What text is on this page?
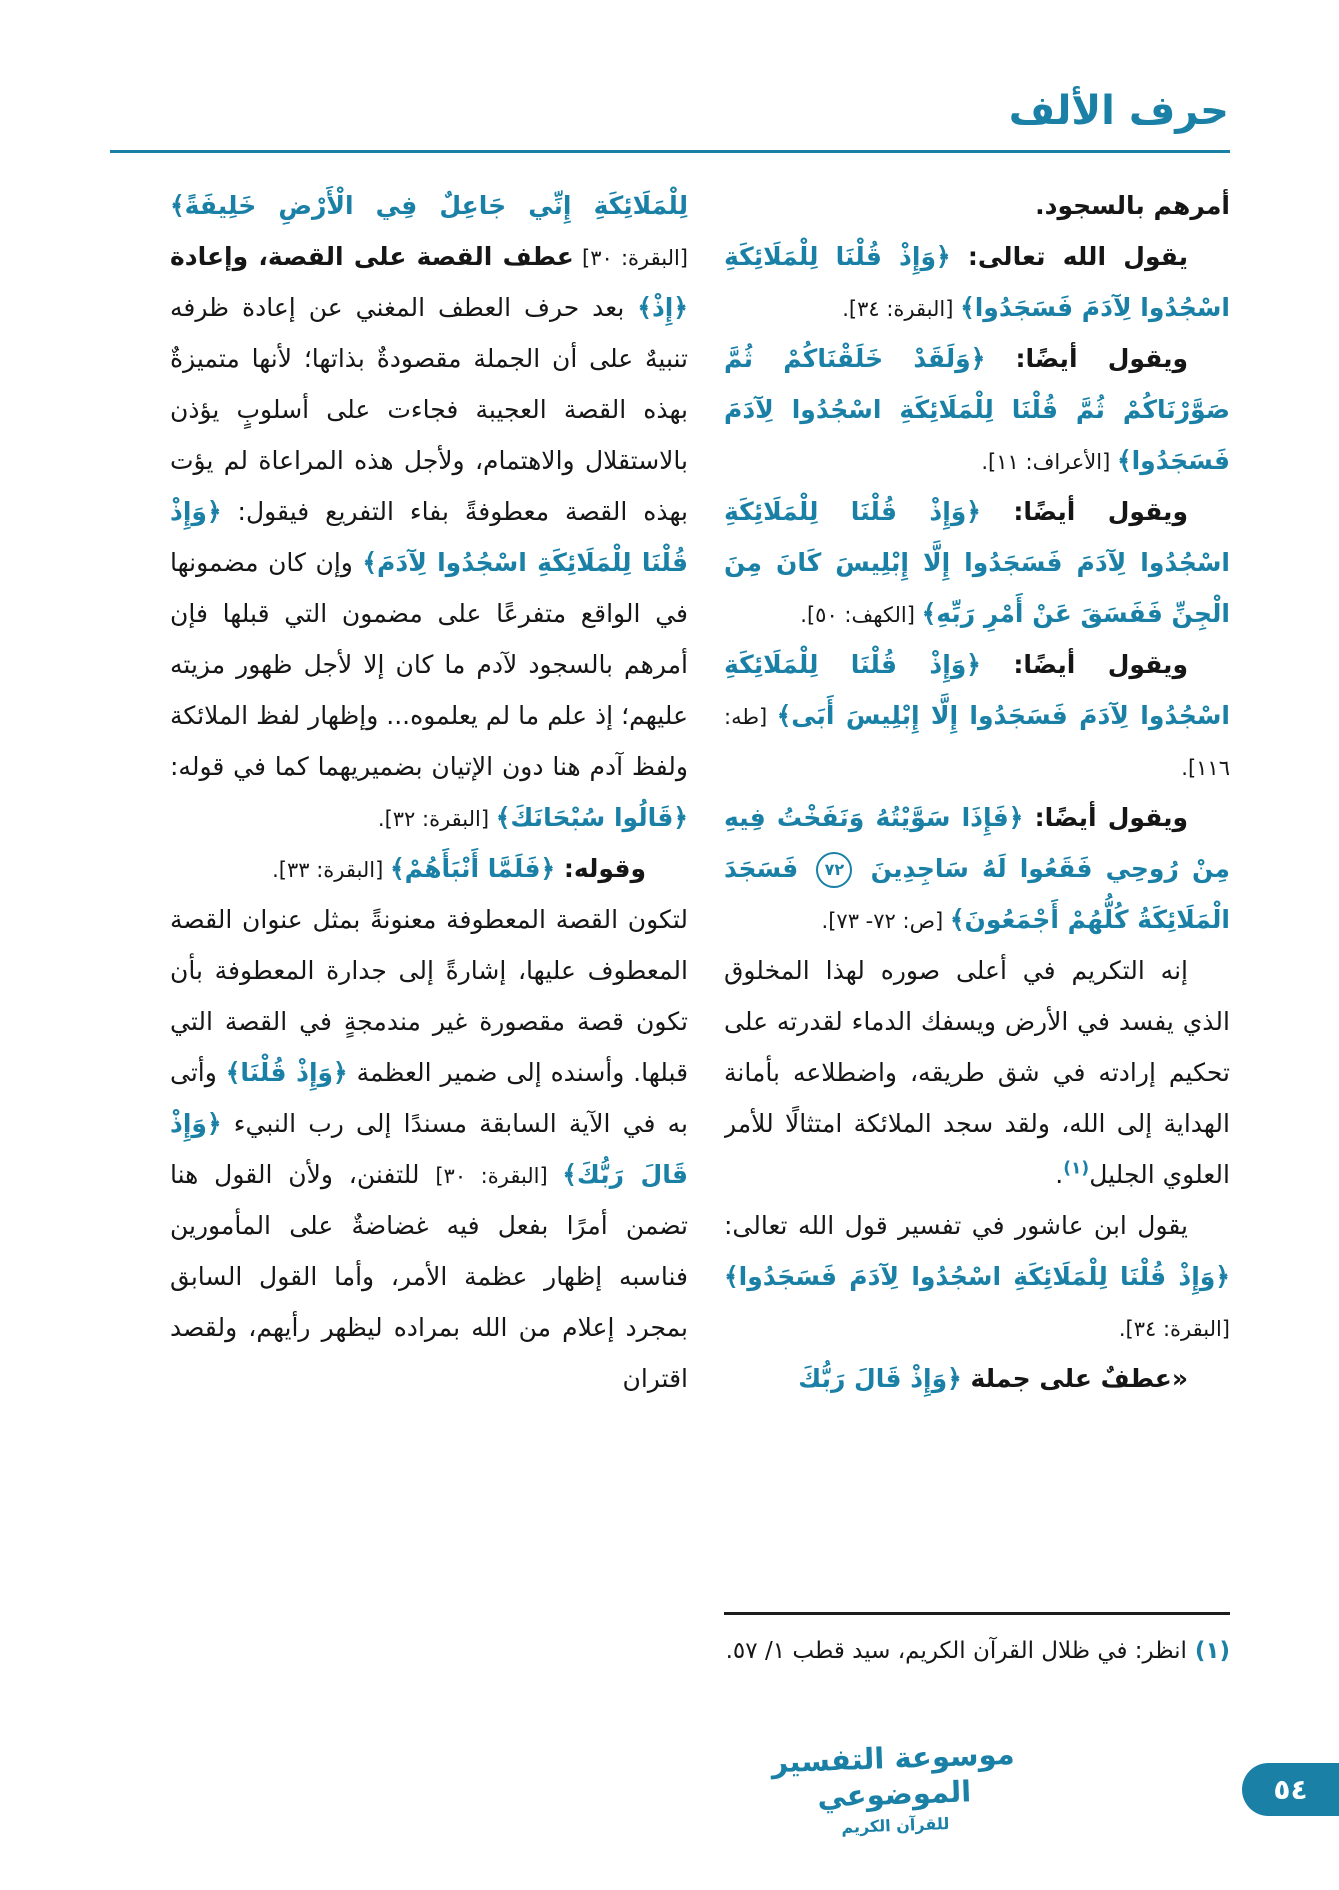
حرف الألف

أمرهم بالسجود.

يقول الله تعالى: ﴿وَإِذْ قُلْنَا لِلْمَلَائِكَةِ اسْجُدُوا لِآدَمَ فَسَجَدُوا﴾ [البقرة: ٣٤].

ويقول أيضًا: ﴿وَلَقَدْ خَلَقْنَاكُمْ ثُمَّ صَوَّرْنَاكُمْ ثُمَّ قُلْنَا لِلْمَلَائِكَةِ اسْجُدُوا لِآدَمَ فَسَجَدُوا﴾ [الأعراف: ١١].

ويقول أيضًا: ﴿وَإِذْ قُلْنَا لِلْمَلَائِكَةِ اسْجُدُوا لِآدَمَ فَسَجَدُوا إِلَّا إِبْلِيسَ كَانَ مِنَ الْجِنِّ فَفَسَقَ عَنْ أَمْرِ رَبِّهِ﴾ [الكهف: ٥٠].

ويقول أيضًا: ﴿وَإِذْ قُلْنَا لِلْمَلَائِكَةِ اسْجُدُوا لِآدَمَ فَسَجَدُوا إِلَّا إِبْلِيسَ أَبَى﴾ [طه: ١١٦].

ويقول أيضًا: ﴿فَإِذَا سَوَّيْتُهُ وَنَفَخْتُ فِيهِ مِنْ رُوحِي فَقَعُوا لَهُ سَاجِدِينَ ٧٢ فَسَجَدَ الْمَلَائِكَةُ كُلُّهُمْ أَجْمَعُونَ﴾ [ص: ٧٢- ٧٣].

إنه التكريم في أعلى صوره لهذا المخلوق الذي يفسد في الأرض ويسفك الدماء لقدرته على تحكيم إرادته في شق طريقه، واضطلاعه بأمانة الهداية إلى الله، ولقد سجد الملائكة امتثالًا للأمر العلوي الجليل$^{(١)}$.

يقول ابن عاشور في تفسير قول الله تعالى: ﴿وَإِذْ قُلْنَا لِلْمَلَائِكَةِ اسْجُدُوا لِآدَمَ فَسَجَدُوا﴾ [البقرة: ٣٤].

«عطفٌ على جملة ﴿وَإِذْ قَالَ رَبُّكَ

لِلْمَلَائِكَةِ إِنِّي جَاعِلٌ فِي الْأَرْضِ خَلِيفَةً﴾ [البقرة: ٣٠] عطف القصة على القصة، وإعادة ﴿إِذْ﴾ بعد حرف العطف المغني عن إعادة ظرفه تنبيهٌ على أن الجملة مقصودةٌ بذاتها؛ لأنها متميزةٌ بهذه القصة العجيبة فجاءت على أسلوبٍ يؤذن بالاستقلال والاهتمام، ولأجل هذه المراعاة لم يؤت بهذه القصة معطوفةً بفاء التفريع فيقول: ﴿وَإِذْ قُلْنَا لِلْمَلَائِكَةِ اسْجُدُوا لِآدَمَ﴾ وإن كان مضمونها في الواقع متفرعًا على مضمون التي قبلها فإن أمرهم بالسجود لآدم ما كان إلا لأجل ظهور مزيته عليهم؛ إذ علم ما لم يعلموه... وإظهار لفظ الملائكة ولفظ آدم هنا دون الإتيان بضميريهما كما في قوله: ﴿قَالُوا سُبْحَانَكَ﴾ [البقرة: ٣٢].

وقوله: ﴿فَلَمَّا أَنْبَأَهُمْ﴾ [البقرة: ٣٣].

لتكون القصة المعطوفة معنونةً بمثل عنوان القصة المعطوف عليها، إشارةً إلى جدارة المعطوفة بأن تكون قصة مقصورة غير مندمجةٍ في القصة التي قبلها. وأسنده إلى ضمير العظمة ﴿وَإِذْ قُلْنَا﴾ وأتى به في الآية السابقة مسندًا إلى رب النبيء ﴿وَإِذْ قَالَ رَبُّكَ﴾ [البقرة: ٣٠] للتفنن، ولأن القول هنا تضمن أمرًا بفعل فيه غضاضةٌ على المأمورين فناسبه إظهار عظمة الأمر، وأما القول السابق بمجرد إعلام من الله بمراده ليظهر رأيهم، ولقصد اقتران

(١) انظر: في ظلال القرآن الكريم، سيد قطب ١/ ٥٧.
موسوعة التفسير الموضوعي
للقرآن الكريم
٥٤
